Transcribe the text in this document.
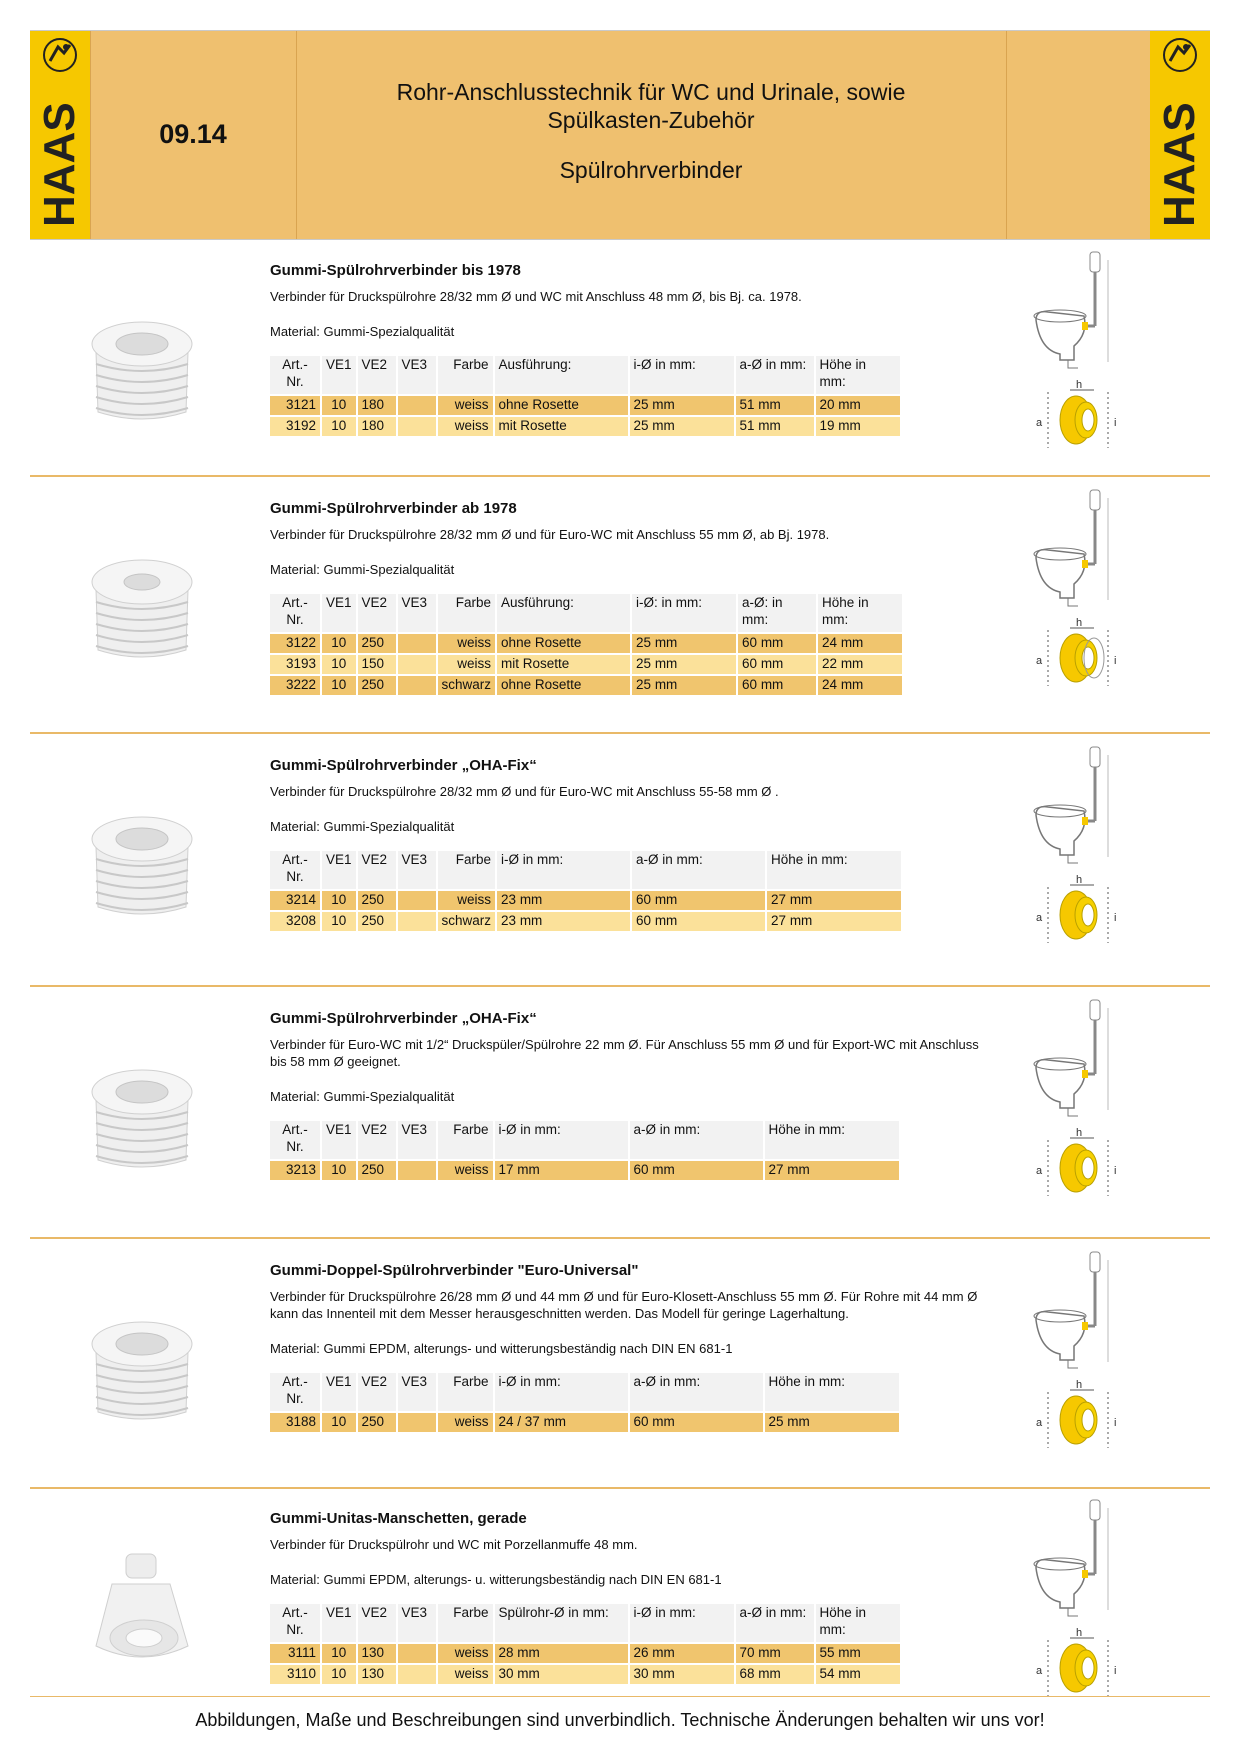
HAAS	09.14
Rohr-Anschlusstechnik für WC und Urinale, sowie
Spülkasten-Zubehör
Spülrohrverbinder	HAAS
h
a	i
Gummi-Spülrohrverbinder bis 1978
Verbinder für Druckspülrohre 28/32 mm Ø und WC mit Anschluss 48 mm Ø, bis Bj. ca. 1978.
Material: Gummi-Spezialqualität
Art.-Nr.	VE1	VE2	VE3	Farbe	Ausführung:	i-Ø in mm:	a-Ø in mm:	Höhe in mm:
3121	10	180		weiss	ohne Rosette	25 mm	51 mm	20 mm
3192	10	180		weiss	mit Rosette	25 mm	51 mm	19 mm
h
a	i
Gummi-Spülrohrverbinder ab 1978
Verbinder für Druckspülrohre 28/32 mm Ø und für Euro-WC mit Anschluss 55 mm Ø, ab Bj. 1978.
Material: Gummi-Spezialqualität
Art.-Nr.	VE1	VE2	VE3	Farbe	Ausführung:	i-Ø: in mm:	a-Ø: in mm:	Höhe in mm:
3122	10	250		weiss	ohne Rosette	25 mm	60 mm	24 mm
3193	10	150		weiss	mit Rosette	25 mm	60 mm	22 mm
3222	10	250		schwarz	ohne Rosette	25 mm	60 mm	24 mm
h
a	i
Gummi-Spülrohrverbinder „OHA-Fix“
Verbinder für Druckspülrohre 28/32 mm Ø und für Euro-WC mit Anschluss 55-58 mm Ø .
Material: Gummi-Spezialqualität
Art.-Nr.	VE1	VE2	VE3	Farbe	i-Ø in mm:	a-Ø in mm:	Höhe in mm:
3214	10	250		weiss	23 mm	60 mm	27 mm
3208	10	250		schwarz	23 mm	60 mm	27 mm
h
a	i
Gummi-Spülrohrverbinder „OHA-Fix“
Verbinder für Euro-WC mit 1/2“ Druckspüler/Spülrohre 22 mm Ø. Für Anschluss 55 mm Ø und für Export-WC mit Anschluss bis 58 mm Ø geeignet.
Material: Gummi-Spezialqualität
Art.-Nr.	VE1	VE2	VE3	Farbe	i-Ø in mm:	a-Ø in mm:	Höhe in mm:
3213	10	250		weiss	17 mm	60 mm	27 mm
h
a	i
Gummi-Doppel-Spülrohrverbinder "Euro-Universal"
Verbinder für Druckspülrohre 26/28 mm Ø und 44 mm Ø und für Euro-Klosett-Anschluss 55 mm Ø. Für Rohre mit 44 mm Ø kann das Innenteil mit dem Messer herausgeschnitten werden. Das Modell für geringe Lagerhaltung.
Material: Gummi EPDM, alterungs- und witterungsbeständig nach DIN EN 681-1
Art.-Nr.	VE1	VE2	VE3	Farbe	i-Ø in mm:	a-Ø in mm:	Höhe in mm:
3188	10	250		weiss	24 / 37 mm	60 mm	25 mm
h
a	i
Gummi-Unitas-Manschetten, gerade
Verbinder für Druckspülrohr und WC mit Porzellanmuffe 48 mm.
Material: Gummi EPDM, alterungs- u. witterungsbeständig nach DIN EN 681-1
Art.-Nr.	VE1	VE2	VE3	Farbe	Spülrohr-Ø in mm:	i-Ø in mm:	a-Ø in mm:	Höhe in mm:
3111	10	130		weiss	28 mm	26 mm	70 mm	55 mm
3110	10	130		weiss	30 mm	30 mm	68 mm	54 mm
Abbildungen, Maße und Beschreibungen sind unverbindlich. Technische Änderungen behalten wir uns vor!
